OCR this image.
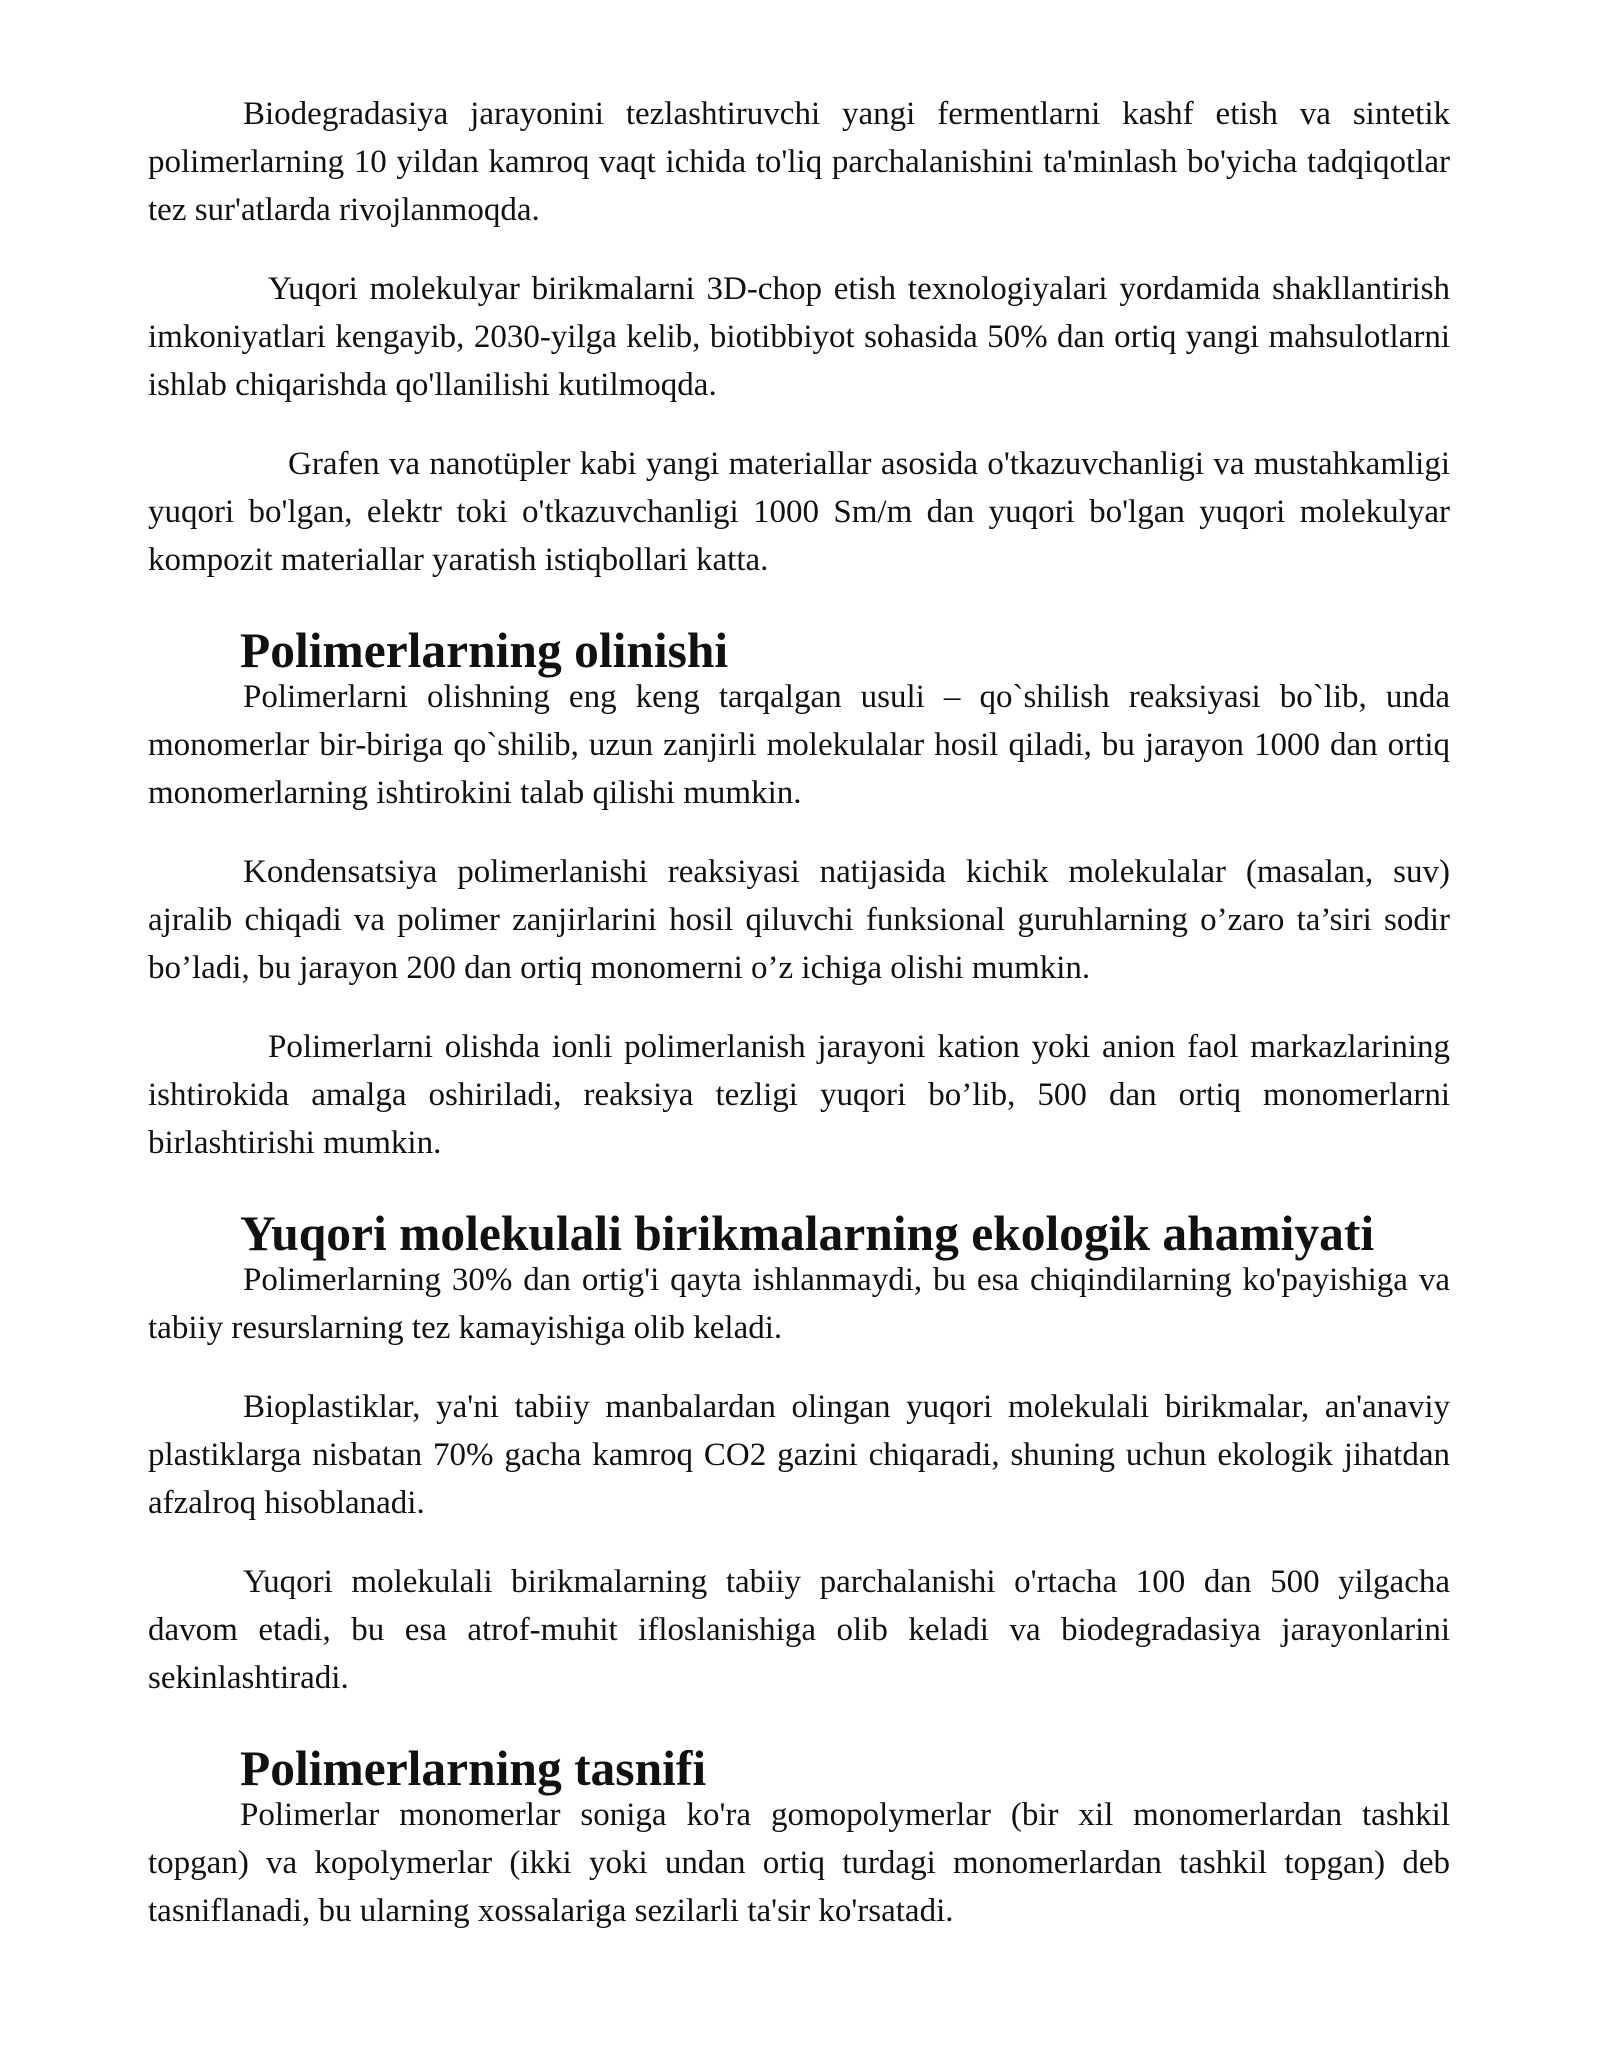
Biodegradasiya jarayonini tezlashtiruvchi yangi fermentlarni kashf etish va sintetik polimerlarning 10 yildan kamroq vaqt ichida to'liq parchalanishini ta'minlash bo'yicha tadqiqotlar tez sur'atlarda rivojlanmoqda.

Yuqori molekulyar birikmalarni 3D-chop etish texnologiyalari yordamida shakllantirish imkoniyatlari kengayib, 2030-yilga kelib, biotibbiyot sohasida 50% dan ortiq yangi mahsulotlarni ishlab chiqarishda qo'llanilishi kutilmoqda.

Grafen va nanotüpler kabi yangi materiallar asosida o'tkazuvchanligi va mustahkamligi yuqori bo'lgan, elektr toki o'tkazuvchanligi 1000 Sm/m dan yuqori bo'lgan yuqori molekulyar kompozit materiallar yaratish istiqbollari katta.

Polimerlarning olinishi

Polimerlarni olishning eng keng tarqalgan usuli – qo`shilish reaksiyasi bo`lib, unda monomerlar bir-biriga qo`shilib, uzun zanjirli molekulalar hosil qiladi, bu jarayon 1000 dan ortiq monomerlarning ishtirokini talab qilishi mumkin.

Kondensatsiya polimerlanishi reaksiyasi natijasida kichik molekulalar (masalan, suv) ajralib chiqadi va polimer zanjirlarini hosil qiluvchi funksional guruhlarning o’zaro ta’siri sodir bo’ladi, bu jarayon 200 dan ortiq monomerni o’z ichiga olishi mumkin.

Polimerlarni olishda ionli polimerlanish jarayoni kation yoki anion faol markazlarining ishtirokida amalga oshiriladi, reaksiya tezligi yuqori bo’lib, 500 dan ortiq monomerlarni birlashtirishi mumkin.

Yuqori molekulali birikmalarning ekologik ahamiyati

Polimerlarning 30% dan ortig'i qayta ishlanmaydi, bu esa chiqindilarning ko'payishiga va tabiiy resurslarning tez kamayishiga olib keladi.

Bioplastiklar, ya'ni tabiiy manbalardan olingan yuqori molekulali birikmalar, an'anaviy plastiklarga nisbatan 70% gacha kamroq CO2 gazini chiqaradi, shuning uchun ekologik jihatdan afzalroq hisoblanadi.

Yuqori molekulali birikmalarning tabiiy parchalanishi o'rtacha 100 dan 500 yilgacha davom etadi, bu esa atrof-muhit ifloslanishiga olib keladi va biodegradasiya jarayonlarini sekinlashtiradi.

Polimerlarning tasnifi

Polimerlar monomerlar soniga ko'ra gomopolymerlar (bir xil monomerlardan tashkil topgan) va kopolymerlar (ikki yoki undan ortiq turdagi monomerlardan tashkil topgan) deb tasniflanadi, bu ularning xossalariga sezilarli ta'sir ko'rsatadi.
